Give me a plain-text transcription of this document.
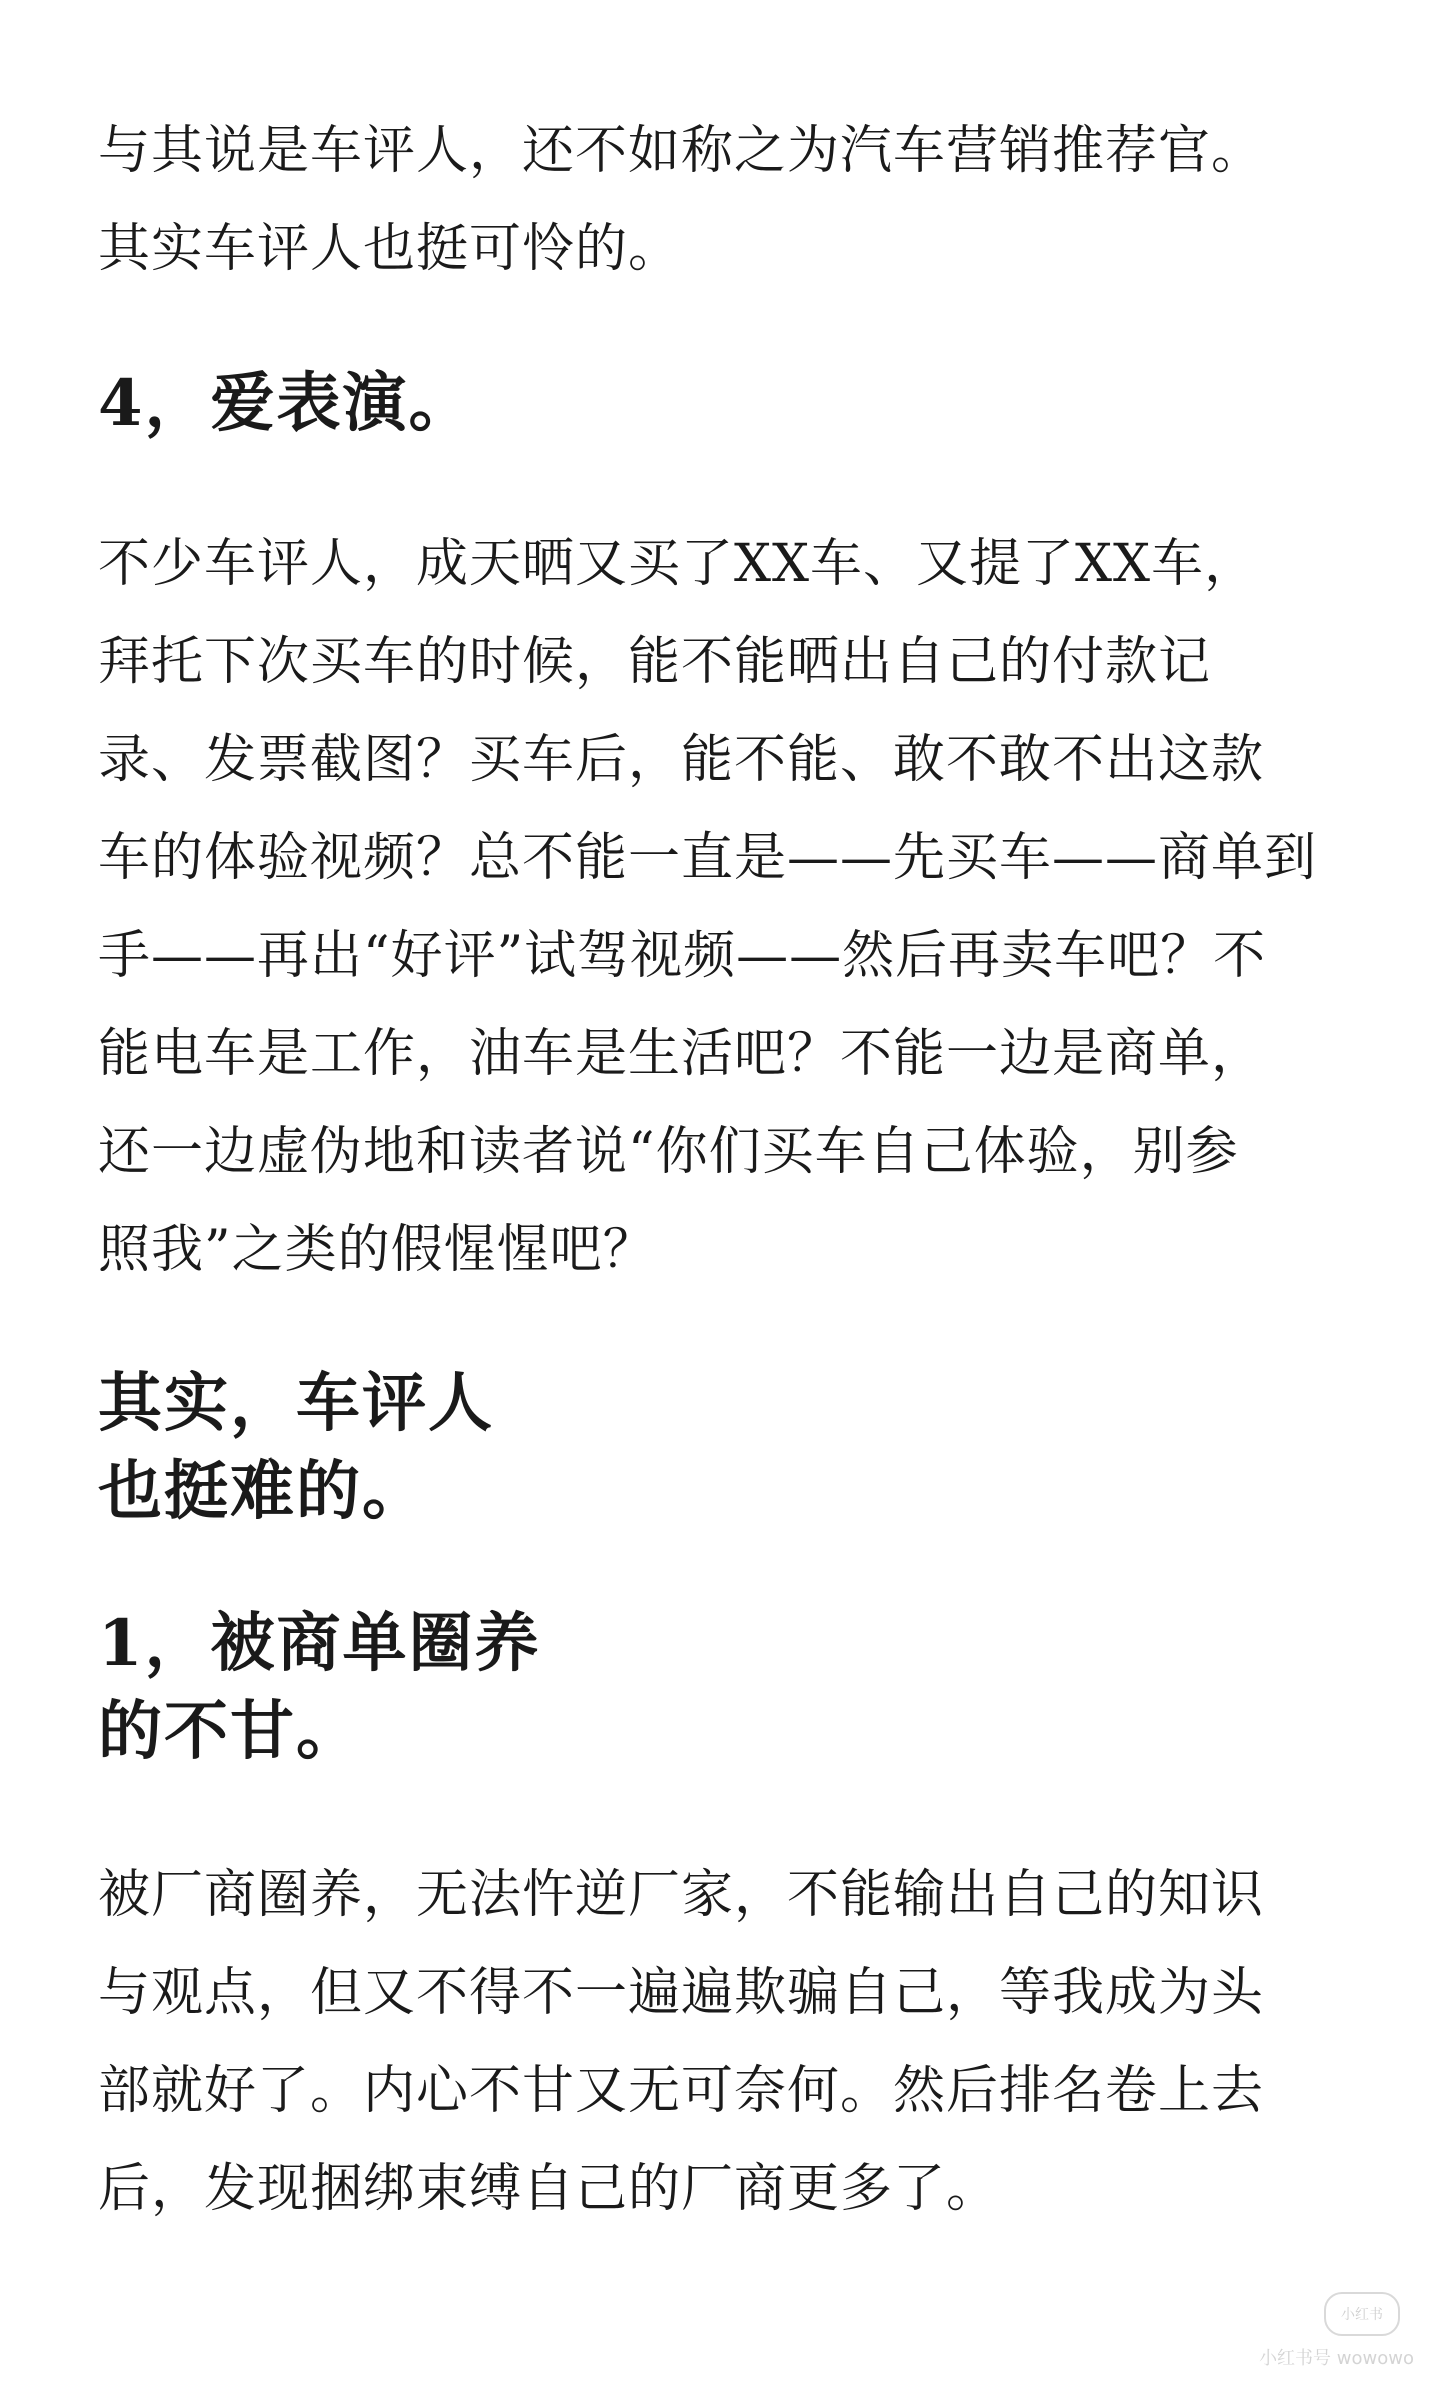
与其说是车评人，还不如称之为汽车营销推荐官。
其实车评人也挺可怜的。

4，爱表演。

不少车评人，成天晒又买了XX车、又提了XX车，
拜托下次买车的时候，能不能晒出自己的付款记
录、发票截图？买车后，能不能、敢不敢不出这款
车的体验视频？总不能一直是——先买车——商单到
手——再出“好评”试驾视频——然后再卖车吧？不
能电车是工作，油车是生活吧？不能一边是商单，
还一边虚伪地和读者说“你们买车自己体验，别参
照我”之类的假惺惺吧？

其实，车评人
也挺难的。
1，被商单圈养
的不甘。

被厂商圈养，无法忤逆厂家，不能输出自己的知识
与观点，但又不得不一遍遍欺骗自己，等我成为头
部就好了。内心不甘又无可奈何。然后排名卷上去
后，发现捆绑束缚自己的厂商更多了。

小红书
小红书号 wowowo
